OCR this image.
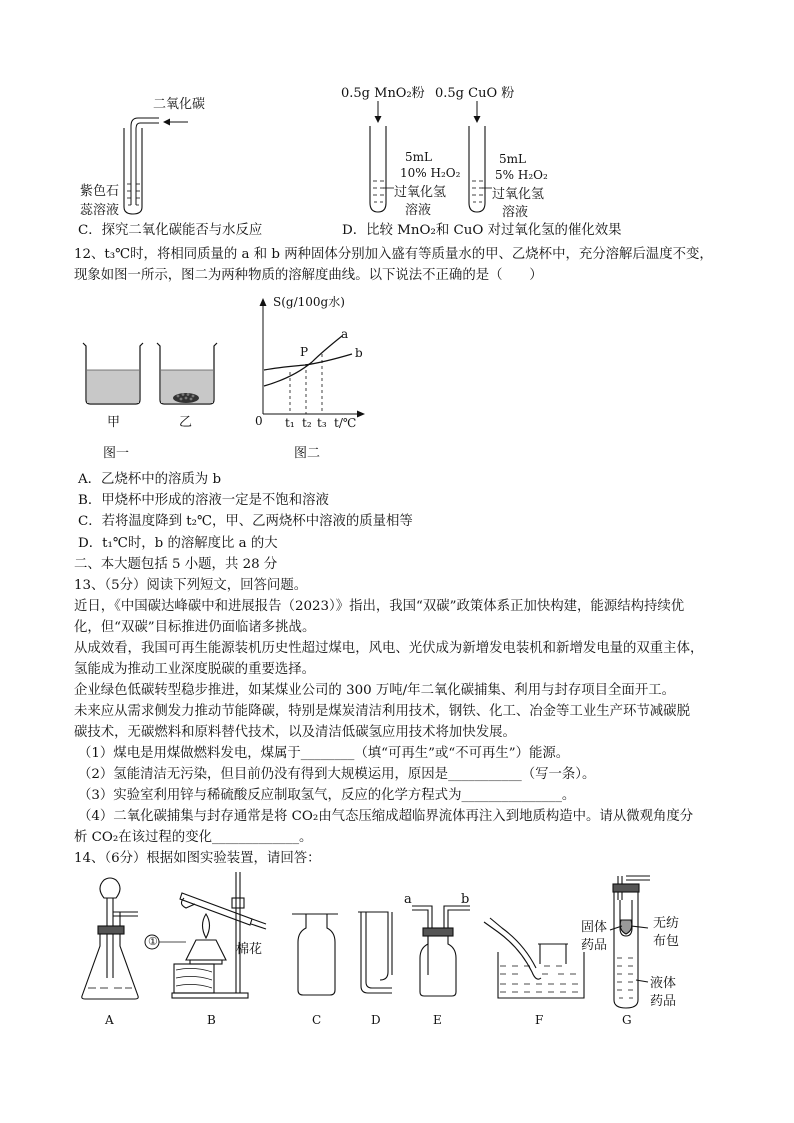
二氧化碳
紫色石
蕊溶液
0.5g MnO₂粉 0.5g CuO 粉
5mL
10% H₂O₂
过氧化氢
溶液
5mL
5% H₂O₂
过氧化氢
溶液
C．探究二氧化碳能否与水反应	D．比较 MnO₂和 CuO 对过氧化氢的催化效果
12、t₃℃时，将相同质量的 a 和 b 两种固体分别加入盛有等质量水的甲、乙烧杯中，充分溶解后温度不变，
现象如图一所示，图二为两种物质的溶解度曲线。以下说法不正确的是（　　）
甲	乙
图一
S(g/100g水)
a
b
P
0 t₁ t₂ t₃ t/℃
图二
A．乙烧杯中的溶质为 b
B．甲烧杯中形成的溶液一定是不饱和溶液
C．若将温度降到 t₂℃，甲、乙两烧杯中溶液的质量相等
D．t₁℃时，b 的溶解度比 a 的大
二、本大题包括 5 小题，共 28 分
13、（5分）阅读下列短文，回答问题。
近日，《中国碳达峰碳中和进展报告（2023）》指出，我国“双碳”政策体系正加快构建，能源结构持续优
化，但“双碳”目标推进仍面临诸多挑战。
从成效看，我国可再生能源装机历史性超过煤电，风电、光伏成为新增发电装机和新增发电量的双重主体，
氢能成为推动工业深度脱碳的重要选择。
企业绿色低碳转型稳步推进，如某煤业公司的 300 万吨/年二氧化碳捕集、利用与封存项目全面开工。
未来应从需求侧发力推动节能降碳，特别是煤炭清洁利用技术，钢铁、化工、冶金等工业生产环节减碳脱
碳技术，无碳燃料和原料替代技术，以及清洁低碳氢应用技术将加快发展。
（1）煤电是用煤做燃料发电，煤属于________（填“可再生”或“不可再生”）能源。
（2）氢能清洁无污染，但目前仍没有得到大规模运用，原因是___________（写一条）。
（3）实验室利用锌与稀硫酸反应制取氢气，反应的化学方程式为_______________。
（4）二氧化碳捕集与封存通常是将 CO₂由气态压缩成超临界流体再注入到地质构造中。请从微观角度分
析 CO₂在该过程的变化_____________。
14、（6分）根据如图实验装置，请回答：
①
棉花
a	b
固体
药品
无纺
布包
液体
药品
A	B	C	D	E	F	G
